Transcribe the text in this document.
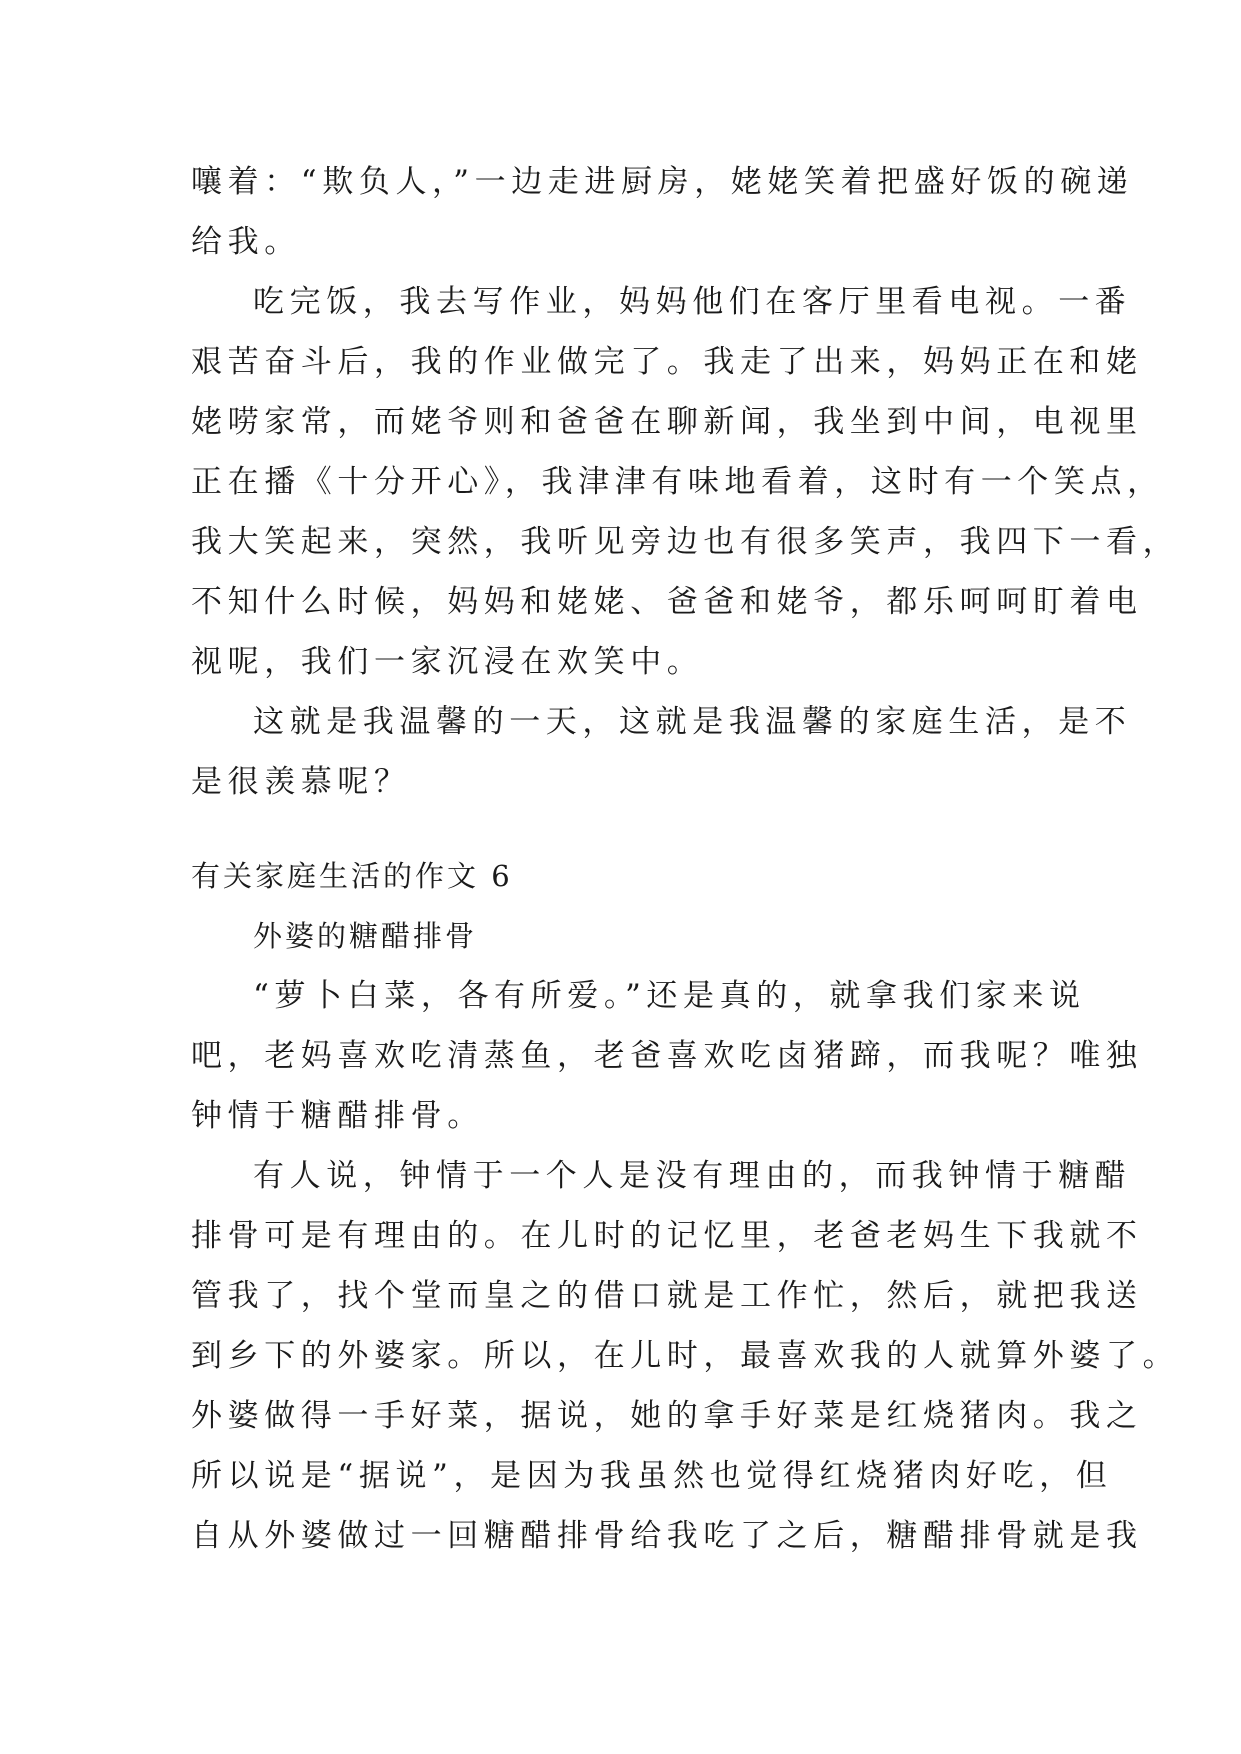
嚷着：“欺负人，”一边走进厨房，姥姥笑着把盛好饭的碗递
给我。
吃完饭，我去写作业，妈妈他们在客厅里看电视。一番
艰苦奋斗后，我的作业做完了。我走了出来，妈妈正在和姥
姥唠家常，而姥爷则和爸爸在聊新闻，我坐到中间，电视里
正在播《十分开心》，我津津有味地看着，这时有一个笑点，
我大笑起来，突然，我听见旁边也有很多笑声，我四下一看，
不知什么时候，妈妈和姥姥、爸爸和姥爷，都乐呵呵盯着电
视呢，我们一家沉浸在欢笑中。
这就是我温馨的一天，这就是我温馨的家庭生活，是不
是很羡慕呢？
有关家庭生活的作文 6
外婆的糖醋排骨
“萝卜白菜，各有所爱。”还是真的，就拿我们家来说
吧，老妈喜欢吃清蒸鱼，老爸喜欢吃卤猪蹄，而我呢？唯独
钟情于糖醋排骨。
有人说，钟情于一个人是没有理由的，而我钟情于糖醋
排骨可是有理由的。在儿时的记忆里，老爸老妈生下我就不
管我了，找个堂而皇之的借口就是工作忙，然后，就把我送
到乡下的外婆家。所以，在儿时，最喜欢我的人就算外婆了。
外婆做得一手好菜，据说，她的拿手好菜是红烧猪肉。我之
所以说是“据说”，是因为我虽然也觉得红烧猪肉好吃，但
自从外婆做过一回糖醋排骨给我吃了之后，糖醋排骨就是我
